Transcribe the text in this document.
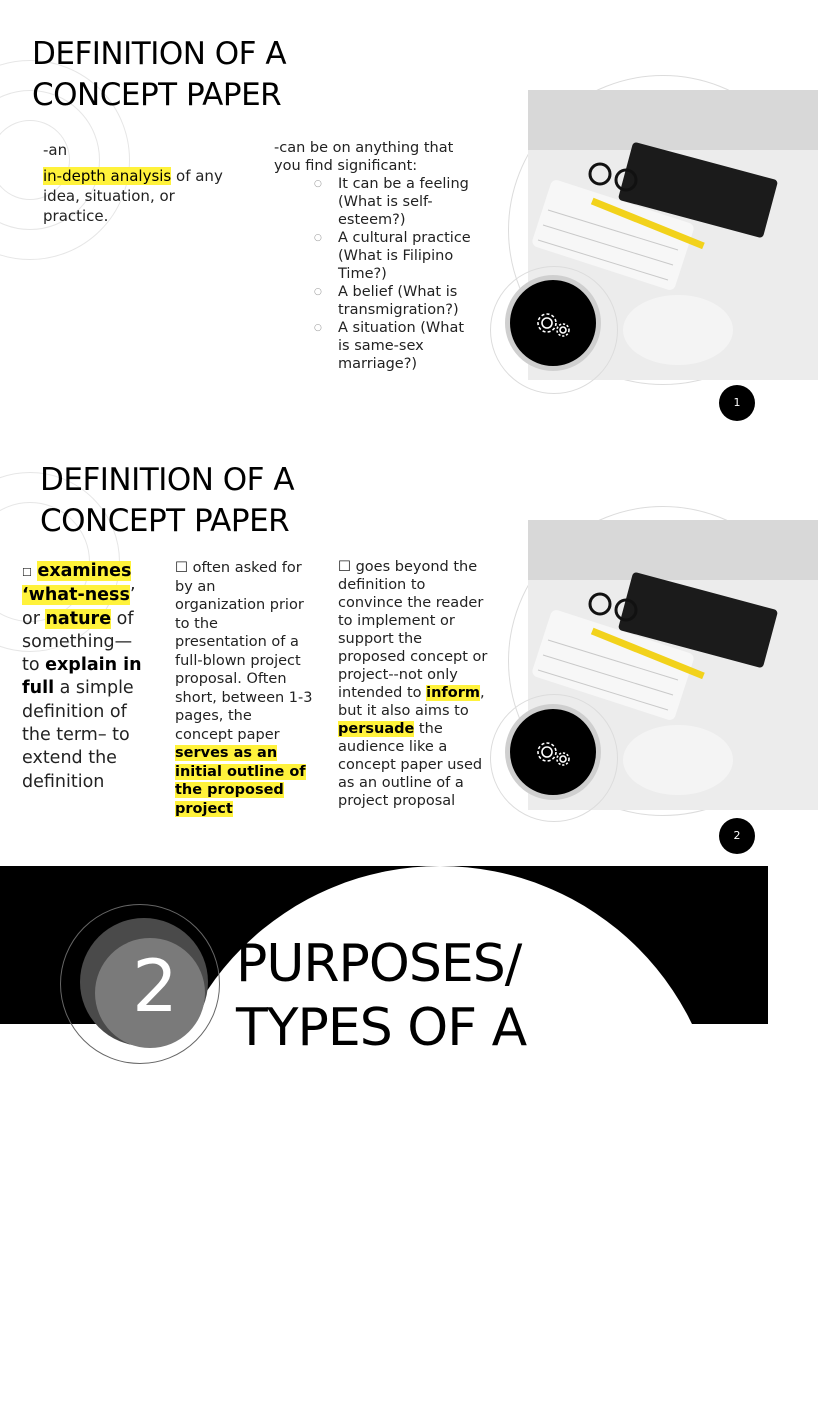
DEFINITION OF A
CONCEPT PAPER
-an
in-depth analysis of any
idea, situation, or
practice.
-can be on anything that
you find significant:
○ It can be a feeling
(What is self-
esteem?)
○ A cultural practice
(What is Filipino
Time?)
○ A belief (What is
transmigration?)
○ A situation (What
is same-sex
marriage?)
1
DEFINITION OF A
CONCEPT PAPER
☐ examines
‘what-ness’
or nature of
something—
to explain in
full a simple
definition of
the term– to
extend the
definition
☐ often asked for
by an
organization prior
to the
presentation of a
full-blown project
proposal. Often
short, between 1-3
pages, the
concept paper
serves as an
initial outline of
the proposed
project
☐ goes beyond the
definition to
convince the reader
to implement or
support the
proposed concept or
project--not only
intended to inform,
but it also aims to
persuade the
audience like a
concept paper used
as an outline of a
project proposal
2
2 PURPOSES/
TYPES OF A
